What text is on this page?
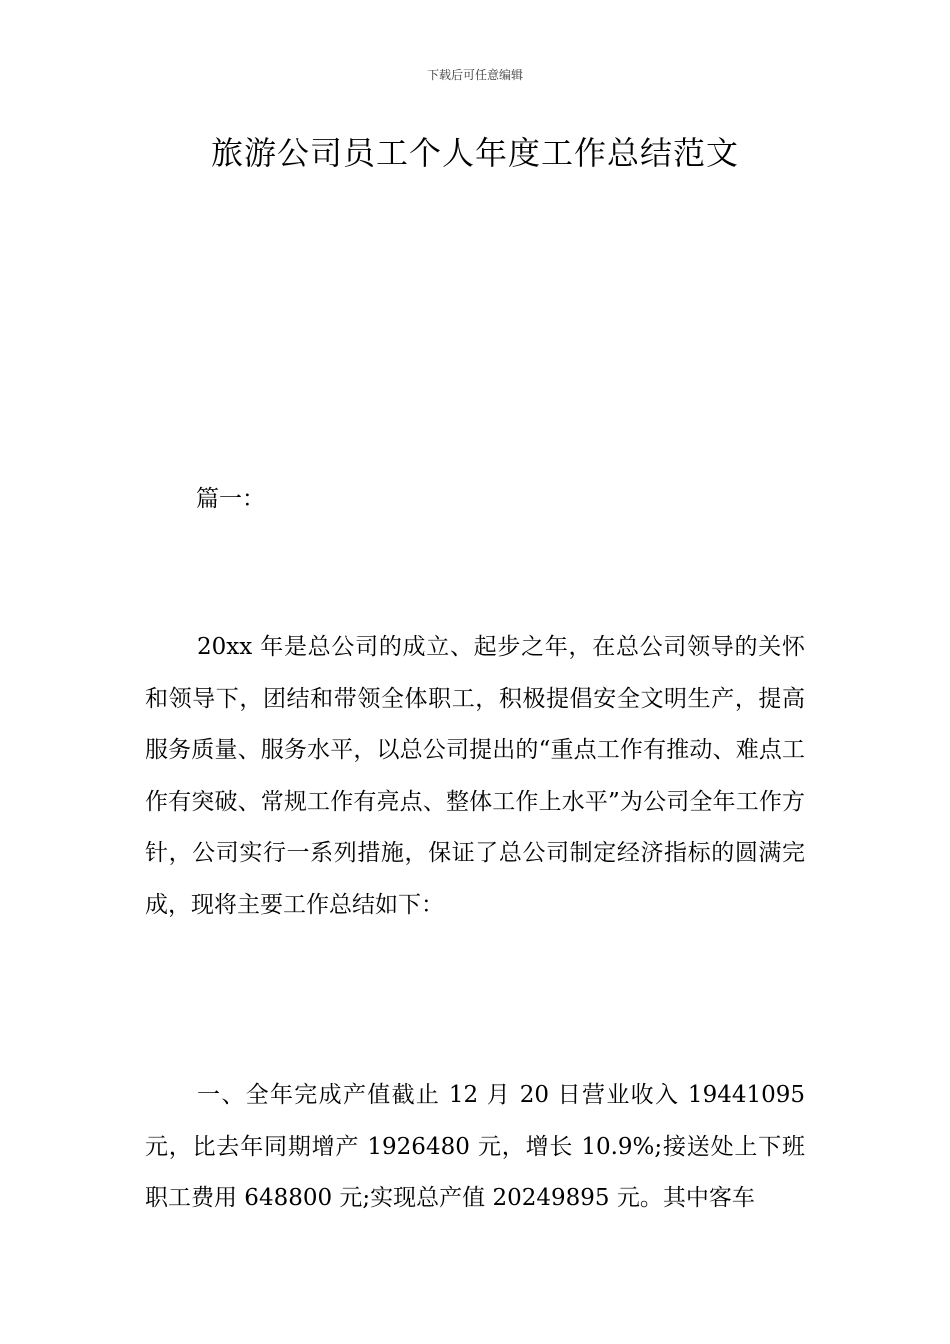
下载后可任意编辑
旅游公司员工个人年度工作总结范文
篇一：

20xx 年是总公司的成立、起步之年，在总公司领导的关怀和领导下，团结和带领全体职工，积极提倡安全文明生产，提高服务质量、服务水平，以总公司提出的“重点工作有推动、难点工作有突破、常规工作有亮点、整体工作上水平”为公司全年工作方针，公司实行一系列措施，保证了总公司制定经济指标的圆满完成，现将主要工作总结如下：

一、全年完成产值截止 12 月 20 日营业收入 19441095 元，比去年同期增产 1926480 元，增长 10.9%;接送处上下班职工费用 648800 元;实现总产值 20249895 元。其中客车
